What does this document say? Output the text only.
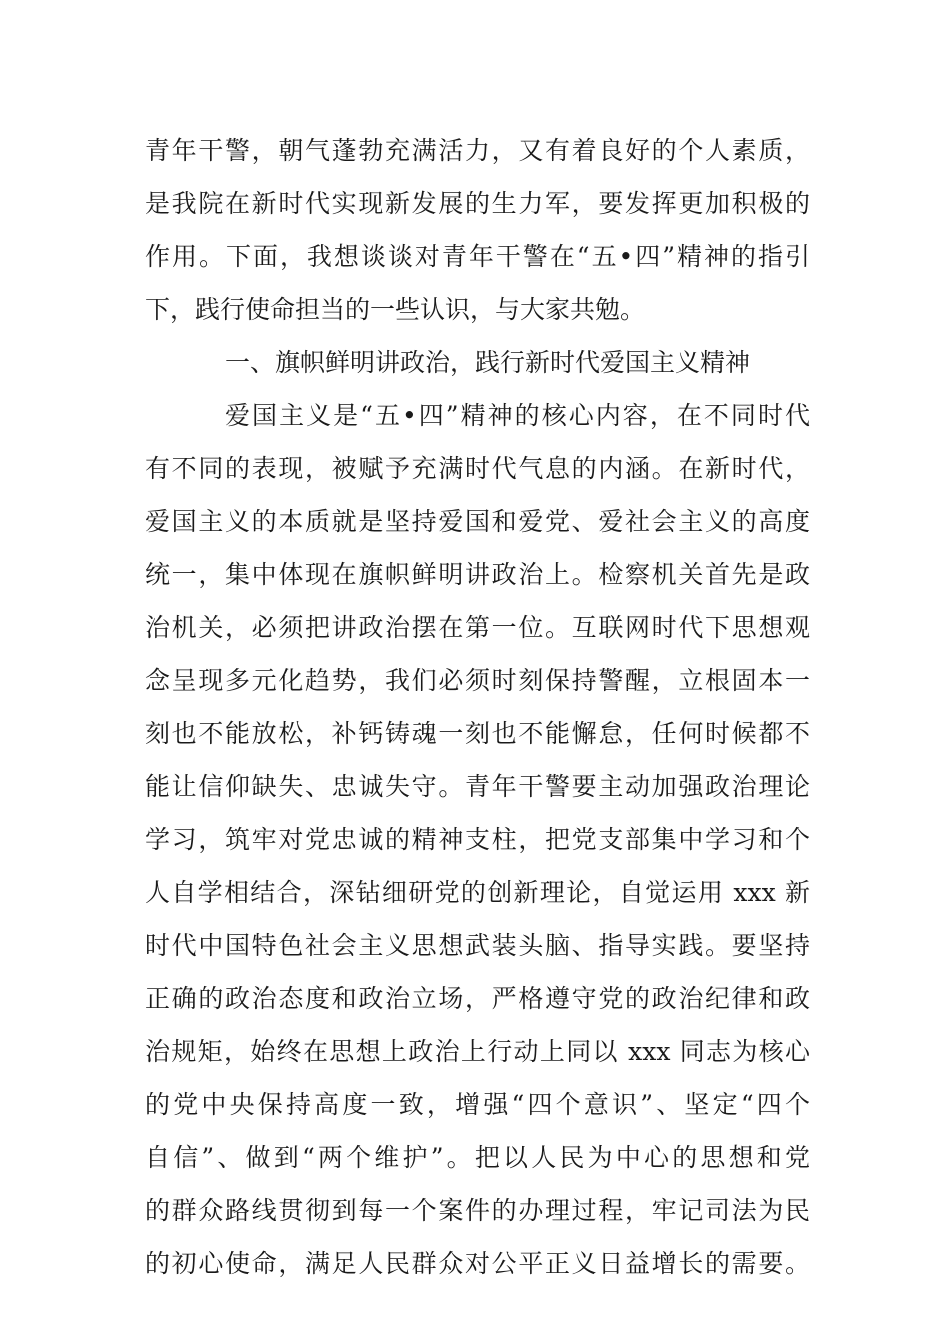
青年干警，朝气蓬勃充满活力，又有着良好的个人素质，
是我院在新时代实现新发展的生力军，要发挥更加积极的
作用。下面，我想谈谈对青年干警在“五•四”精神的指引
下，践行使命担当的一些认识，与大家共勉。
一、旗帜鲜明讲政治，践行新时代爱国主义精神
爱国主义是“五•四”精神的核心内容，在不同时代
有不同的表现，被赋予充满时代气息的内涵。在新时代，
爱国主义的本质就是坚持爱国和爱党、爱社会主义的高度
统一，集中体现在旗帜鲜明讲政治上。检察机关首先是政
治机关，必须把讲政治摆在第一位。互联网时代下思想观
念呈现多元化趋势，我们必须时刻保持警醒，立根固本一
刻也不能放松，补钙铸魂一刻也不能懈怠，任何时候都不
能让信仰缺失、忠诚失守。青年干警要主动加强政治理论
学习，筑牢对党忠诚的精神支柱，把党支部集中学习和个
人自学相结合，深钻细研党的创新理论，自觉运用 xxx 新
时代中国特色社会主义思想武装头脑、指导实践。要坚持
正确的政治态度和政治立场，严格遵守党的政治纪律和政
治规矩，始终在思想上政治上行动上同以 xxx 同志为核心
的党中央保持高度一致，增强“四个意识”、坚定“四个
自信”、做到“两个维护”。把以人民为中心的思想和党
的群众路线贯彻到每一个案件的办理过程，牢记司法为民
的初心使命，满足人民群众对公平正义日益增长的需要。
